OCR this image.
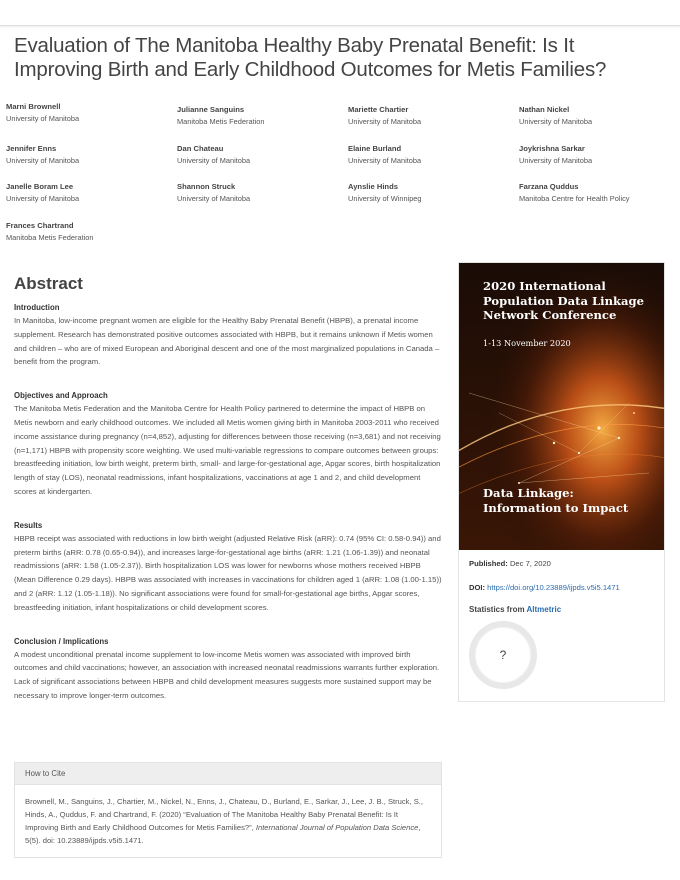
Evaluation of The Manitoba Healthy Baby Prenatal Benefit: Is It Improving Birth and Early Childhood Outcomes for Metis Families?
Marni Brownell
University of Manitoba
Julianne Sanguins
Manitoba Metis Federation
Mariette Chartier
University of Manitoba
Nathan Nickel
University of Manitoba
Jennifer Enns
University of Manitoba
Dan Chateau
University of Manitoba
Elaine Burland
University of Manitoba
Joykrishna Sarkar
University of Manitoba
Janelle Boram Lee
University of Manitoba
Shannon Struck
University of Manitoba
Aynslie Hinds
University of Winnipeg
Farzana Quddus
Manitoba Centre for Health Policy
Frances Chartrand
Manitoba Metis Federation
Abstract
Introduction

In Manitoba, low-income pregnant women are eligible for the Healthy Baby Prenatal Benefit (HBPB), a prenatal income supplement. Research has demonstrated positive outcomes associated with HBPB, but it remains unknown if Metis women and children – who are of mixed European and Aboriginal descent and one of the most marginalized populations in Canada – benefit from the program.

Objectives and Approach

The Manitoba Metis Federation and the Manitoba Centre for Health Policy partnered to determine the impact of HBPB on Metis newborn and early childhood outcomes. We included all Metis women giving birth in Manitoba 2003-2011 who received income assistance during pregnancy (n=4,852), adjusting for differences between those receiving (n=3,681) and not receiving (n=1,171) HBPB with propensity score weighting. We used multi-variable regressions to compare outcomes between groups: breastfeeding initiation, low birth weight, preterm birth, small- and large-for-gestational age, Apgar scores, birth hospitalization length of stay (LOS), neonatal readmissions, infant hospitalizations, vaccinations at age 1 and 2, and child development scores at kindergarten.

Results

HBPB receipt was associated with reductions in low birth weight (adjusted Relative Risk (aRR): 0.74 (95% CI: 0.58-0.94)) and preterm births (aRR: 0.78 (0.65-0.94)), and increases large-for-gestational age births (aRR: 1.21 (1.06-1.39)) and neonatal readmissions (aRR: 1.58 (1.05-2.37)). Birth hospitalization LOS was lower for newborns whose mothers received HBPB (Mean Difference 0.29 days). HBPB was associated with increases in vaccinations for children aged 1 (aRR: 1.08 (1.00-1.15)) and 2 (aRR: 1.12 (1.05-1.18)). No significant associations were found for small-for-gestational age births, Apgar scores, breastfeeding initiation, infant hospitalizations or child development scores.

Conclusion / Implications

A modest unconditional prenatal income supplement to low-income Metis women was associated with improved birth outcomes and child vaccinations; however, an association with increased neonatal readmissions warrants further exploration. Lack of significant associations between HBPB and child development measures suggests more sustained support may be necessary to improve longer-term outcomes.

How to Cite
Brownell, M., Sanguins, J., Chartier, M., Nickel, N., Enns, J., Chateau, D., Burland, E., Sarkar, J., Lee, J. B., Struck, S., Hinds, A., Quddus, F. and Chartrand, F. (2020) “Evaluation of The Manitoba Healthy Baby Prenatal Benefit: Is It Improving Birth and Early Childhood Outcomes for Metis Families?”, International Journal of Population Data Science, 5(5). doi: 10.23889/ijpds.v5i5.1471.
2020 International Population Data Linkage Network Conference
1-13 November 2020
Data Linkage: Information to Impact
Published: Dec 7, 2020
DOI: https://doi.org/10.23889/ijpds.v5i5.1471
Statistics from Altmetric
?
